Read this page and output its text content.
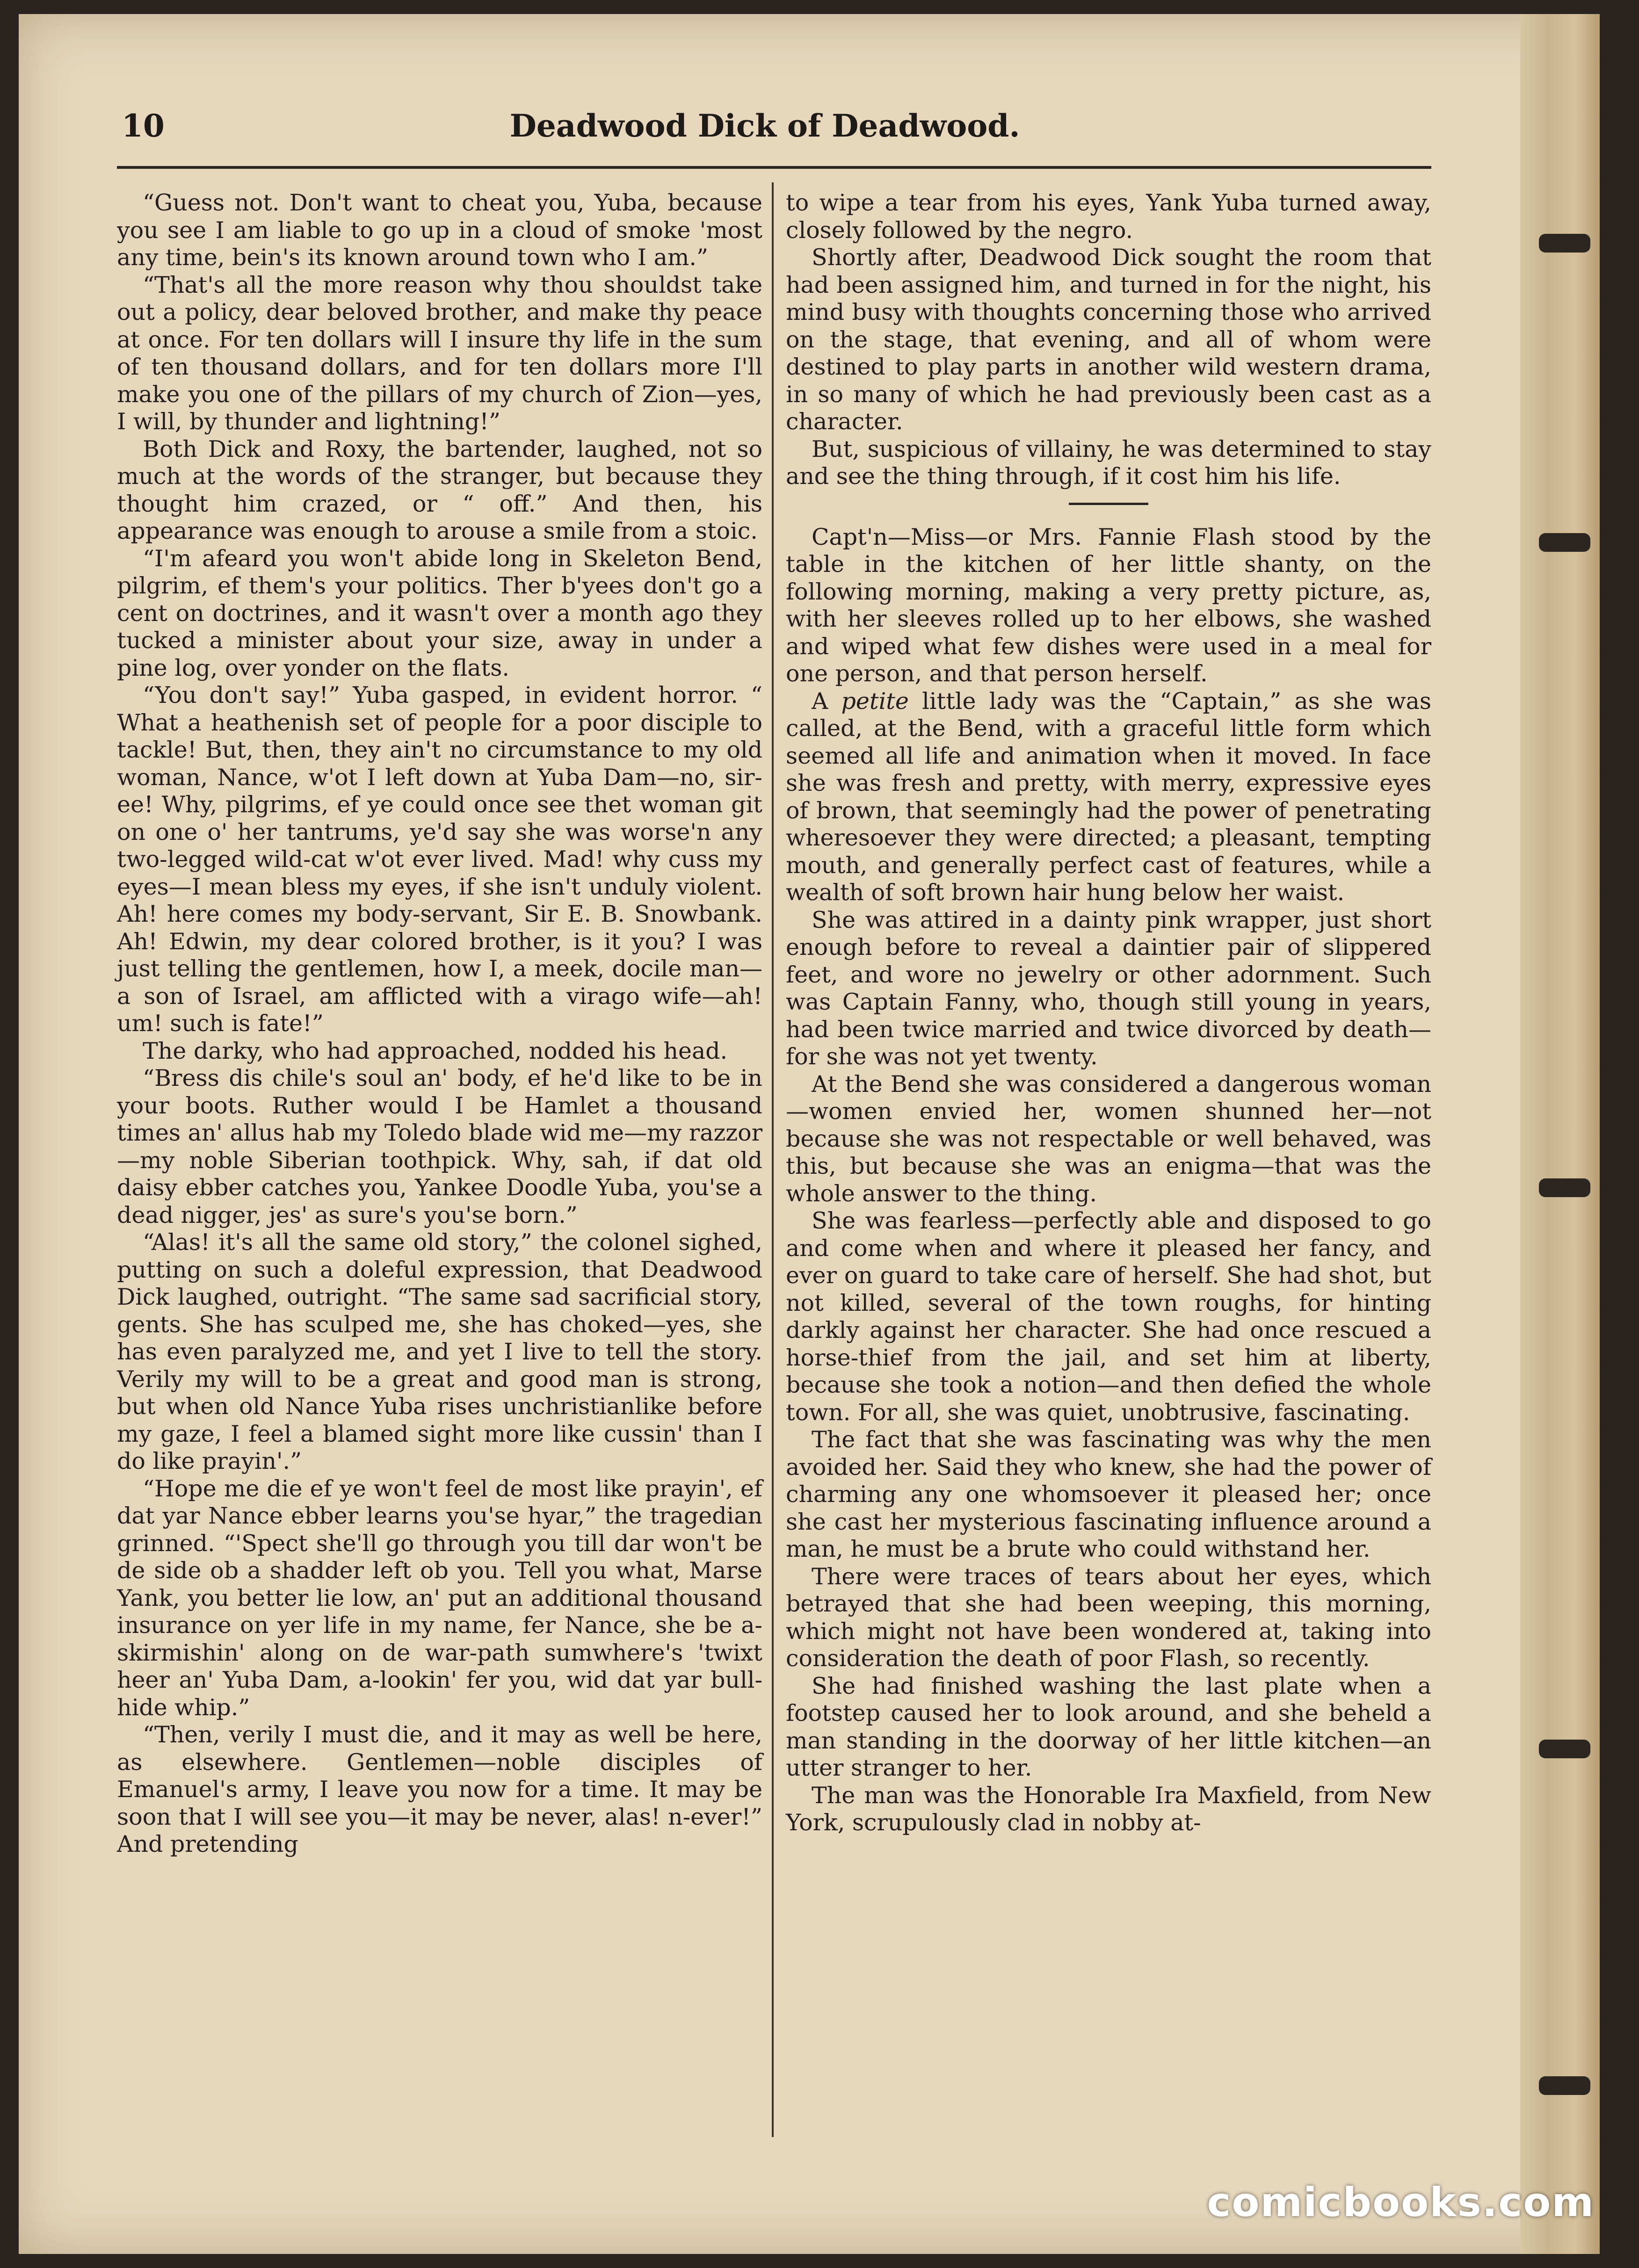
10	Deadwood Dick of Deadwood.

“Guess not. Don't want to cheat you, Yuba, because you see I am liable to go up in a cloud of smoke 'most any time, bein's its known around town who I am.”

“That's all the more reason why thou shouldst take out a policy, dear beloved brother, and make thy peace at once. For ten dollars will I insure thy life in the sum of ten thousand dollars, and for ten dollars more I'll make you one of the pillars of my church of Zion—yes, I will, by thunder and lightning!”

Both Dick and Roxy, the bartender, laughed, not so much at the words of the stranger, but because they thought him crazed, or “ off.” And then, his appearance was enough to arouse a smile from a stoic.

“I'm afeard you won't abide long in Skeleton Bend, pilgrim, ef them's your politics. Ther b'yees don't go a cent on doctrines, and it wasn't over a month ago they tucked a minister about your size, away in under a pine log, over yonder on the flats.

“You don't say!” Yuba gasped, in evident horror. “ What a heathenish set of people for a poor disciple to tackle! But, then, they ain't no circumstance to my old woman, Nance, w'ot I left down at Yuba Dam—no, sir-ee! Why, pilgrims, ef ye could once see thet woman git on one o' her tantrums, ye'd say she was worse'n any two-legged wild-cat w'ot ever lived. Mad! why cuss my eyes—I mean bless my eyes, if she isn't unduly violent. Ah! here comes my body-servant, Sir E. B. Snowbank. Ah! Edwin, my dear colored brother, is it you? I was just telling the gentlemen, how I, a meek, docile man—a son of Israel, am afflicted with a virago wife—ah! um! such is fate!”

The darky, who had approached, nodded his head.

“Bress dis chile's soul an' body, ef he'd like to be in your boots. Ruther would I be Hamlet a thousand times an' allus hab my Toledo blade wid me—my razzor—my noble Siberian toothpick. Why, sah, if dat old daisy ebber catches you, Yankee Doodle Yuba, you'se a dead nigger, jes' as sure's you'se born.”

“Alas! it's all the same old story,” the colonel sighed, putting on such a doleful expression, that Deadwood Dick laughed, outright. “The same sad sacrificial story, gents. She has sculped me, she has choked—yes, she has even paralyzed me, and yet I live to tell the story. Verily my will to be a great and good man is strong, but when old Nance Yuba rises unchristianlike before my gaze, I feel a blamed sight more like cussin' than I do like prayin'.”

“Hope me die ef ye won't feel de most like prayin', ef dat yar Nance ebber learns you'se hyar,” the tragedian grinned. “'Spect she'll go through you till dar won't be de side ob a shadder left ob you. Tell you what, Marse Yank, you better lie low, an' put an additional thousand insurance on yer life in my name, fer Nance, she be a-skirmishin' along on de war-path sumwhere's 'twixt heer an' Yuba Dam, a-lookin' fer you, wid dat yar bull-hide whip.”

“Then, verily I must die, and it may as well be here, as elsewhere. Gentlemen—noble disciples of Emanuel's army, I leave you now for a time. It may be soon that I will see you—it may be never, alas! n-ever!” And pretending

to wipe a tear from his eyes, Yank Yuba turned away, closely followed by the negro.

Shortly after, Deadwood Dick sought the room that had been assigned him, and turned in for the night, his mind busy with thoughts concerning those who arrived on the stage, that evening, and all of whom were destined to play parts in another wild western drama, in so many of which he had previously been cast as a character.

But, suspicious of villainy, he was determined to stay and see the thing through, if it cost him his life.

Capt'n—Miss—or Mrs. Fannie Flash stood by the table in the kitchen of her little shanty, on the following morning, making a very pretty picture, as, with her sleeves rolled up to her elbows, she washed and wiped what few dishes were used in a meal for one person, and that person herself.

A petite little lady was the “Captain,” as she was called, at the Bend, with a graceful little form which seemed all life and animation when it moved. In face she was fresh and pretty, with merry, expressive eyes of brown, that seemingly had the power of penetrating wheresoever they were directed; a pleasant, tempting mouth, and generally perfect cast of features, while a wealth of soft brown hair hung below her waist.

She was attired in a dainty pink wrapper, just short enough before to reveal a daintier pair of slippered feet, and wore no jewelry or other adornment. Such was Captain Fanny, who, though still young in years, had been twice married and twice divorced by death—for she was not yet twenty.

At the Bend she was considered a dangerous woman—women envied her, women shunned her—not because she was not respectable or well behaved, was this, but because she was an enigma—that was the whole answer to the thing.

She was fearless—perfectly able and disposed to go and come when and where it pleased her fancy, and ever on guard to take care of herself. She had shot, but not killed, several of the town roughs, for hinting darkly against her character. She had once rescued a horse-thief from the jail, and set him at liberty, because she took a notion—and then defied the whole town. For all, she was quiet, unobtrusive, fascinating.

The fact that she was fascinating was why the men avoided her. Said they who knew, she had the power of charming any one whomsoever it pleased her; once she cast her mysterious fascinating influence around a man, he must be a brute who could withstand her.

There were traces of tears about her eyes, which betrayed that she had been weeping, this morning, which might not have been wondered at, taking into consideration the death of poor Flash, so recently.

She had finished washing the last plate when a footstep caused her to look around, and she beheld a man standing in the doorway of her little kitchen—an utter stranger to her.

The man was the Honorable Ira Maxfield, from New York, scrupulously clad in nobby at-

comicbooks.com
